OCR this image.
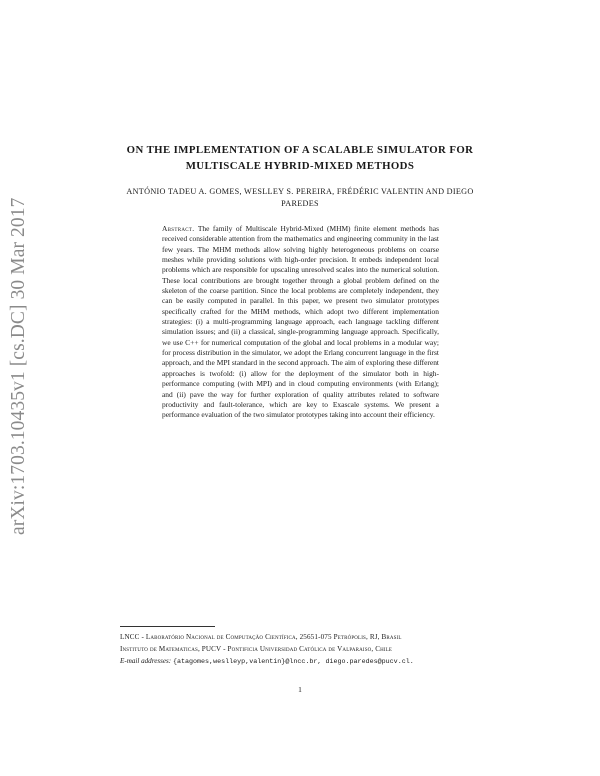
arXiv:1703.10435v1 [cs.DC] 30 Mar 2017
ON THE IMPLEMENTATION OF A SCALABLE SIMULATOR FOR MULTISCALE HYBRID-MIXED METHODS
ANTÓNIO TADEU A. GOMES, WESLLEY S. PEREIRA, FRÉDÉRIC VALENTIN AND DIEGO PAREDES
Abstract. The family of Multiscale Hybrid-Mixed (MHM) finite element methods has received considerable attention from the mathematics and engineering community in the last few years. The MHM methods allow solving highly heterogeneous problems on coarse meshes while providing solutions with high-order precision. It embeds independent local problems which are responsible for upscaling unresolved scales into the numerical solution. These local contributions are brought together through a global problem defined on the skeleton of the coarse partition. Since the local problems are completely independent, they can be easily computed in parallel. In this paper, we present two simulator prototypes specifically crafted for the MHM methods, which adopt two different implementation strategies: (i) a multi-programming language approach, each language tackling different simulation issues; and (ii) a classical, single-programming language approach. Specifically, we use C++ for numerical computation of the global and local problems in a modular way; for process distribution in the simulator, we adopt the Erlang concurrent language in the first approach, and the MPI standard in the second approach. The aim of exploring these different approaches is twofold: (i) allow for the deployment of the simulator both in high-performance computing (with MPI) and in cloud computing environments (with Erlang); and (ii) pave the way for further exploration of quality attributes related to software productivity and fault-tolerance, which are key to Exascale systems. We present a performance evaluation of the two simulator prototypes taking into account their efficiency.

LNCC - Laboratório Nacional de Computação Científica, 25651-075 Petrópolis, RJ, Brasil

Instituto de Matematicas, PUCV - Pontificia Universidad Católica de Valparaiso, Chile

E-mail addresses: {atagomes,weslleyp,valentin}@lncc.br, diego.paredes@pucv.cl.

1
